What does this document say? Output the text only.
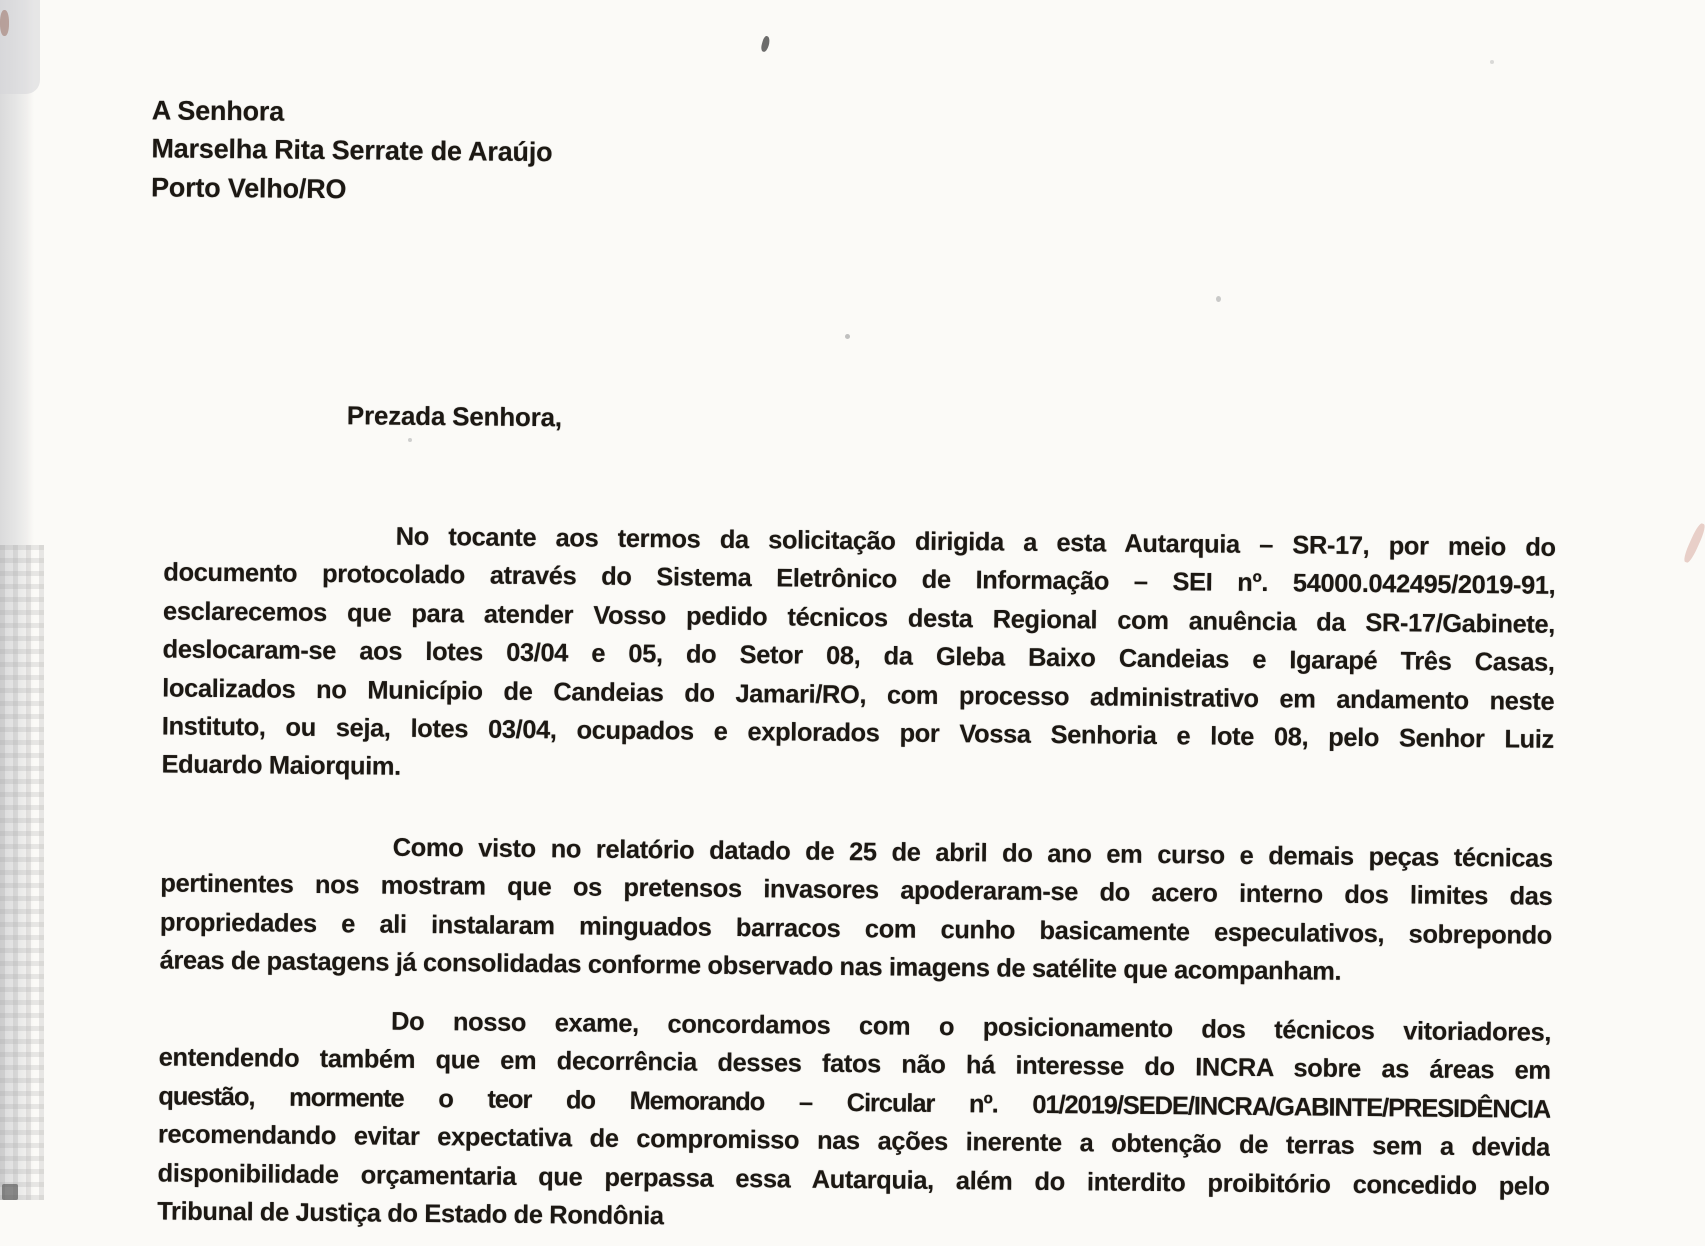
A Senhora
Marselha Rita Serrate de Araújo
Porto Velho/RO
Prezada Senhora,
No tocante aos termos da solicitação dirigida a esta Autarquia – SR-17, por meio do
documento protocolado através do Sistema Eletrônico de Informação – SEI nº. 54000.042495/2019-91,
esclarecemos que para atender Vosso pedido técnicos desta Regional com anuência da SR-17/Gabinete,
deslocaram-se aos lotes 03/04 e 05, do Setor 08, da Gleba Baixo Candeias e Igarapé Três Casas,
localizados no Município de Candeias do Jamari/RO, com processo administrativo em andamento neste
Instituto, ou seja, lotes 03/04, ocupados e explorados por Vossa Senhoria e lote 08, pelo Senhor Luiz
Eduardo Maiorquim.
Como visto no relatório datado de 25 de abril do ano em curso e demais peças técnicas
pertinentes nos mostram que os pretensos invasores apoderaram-se do acero interno dos limites das
propriedades e ali instalaram minguados barracos com cunho basicamente especulativos, sobrepondo
áreas de pastagens já consolidadas conforme observado nas imagens de satélite que acompanham.
Do nosso exame, concordamos com o posicionamento dos técnicos vitoriadores,
entendendo também que em decorrência desses fatos não há interesse do INCRA sobre as áreas em
questão, mormente o teor do Memorando – Circular nº. 01/2019/SEDE/INCRA/GABINTE/PRESIDÊNCIA
recomendando evitar expectativa de compromisso nas ações inerente a obtenção de terras sem a devida
disponibilidade orçamentaria que perpassa essa Autarquia, além do interdito proibitório concedido pelo
Tribunal de Justiça do Estado de Rondônia
